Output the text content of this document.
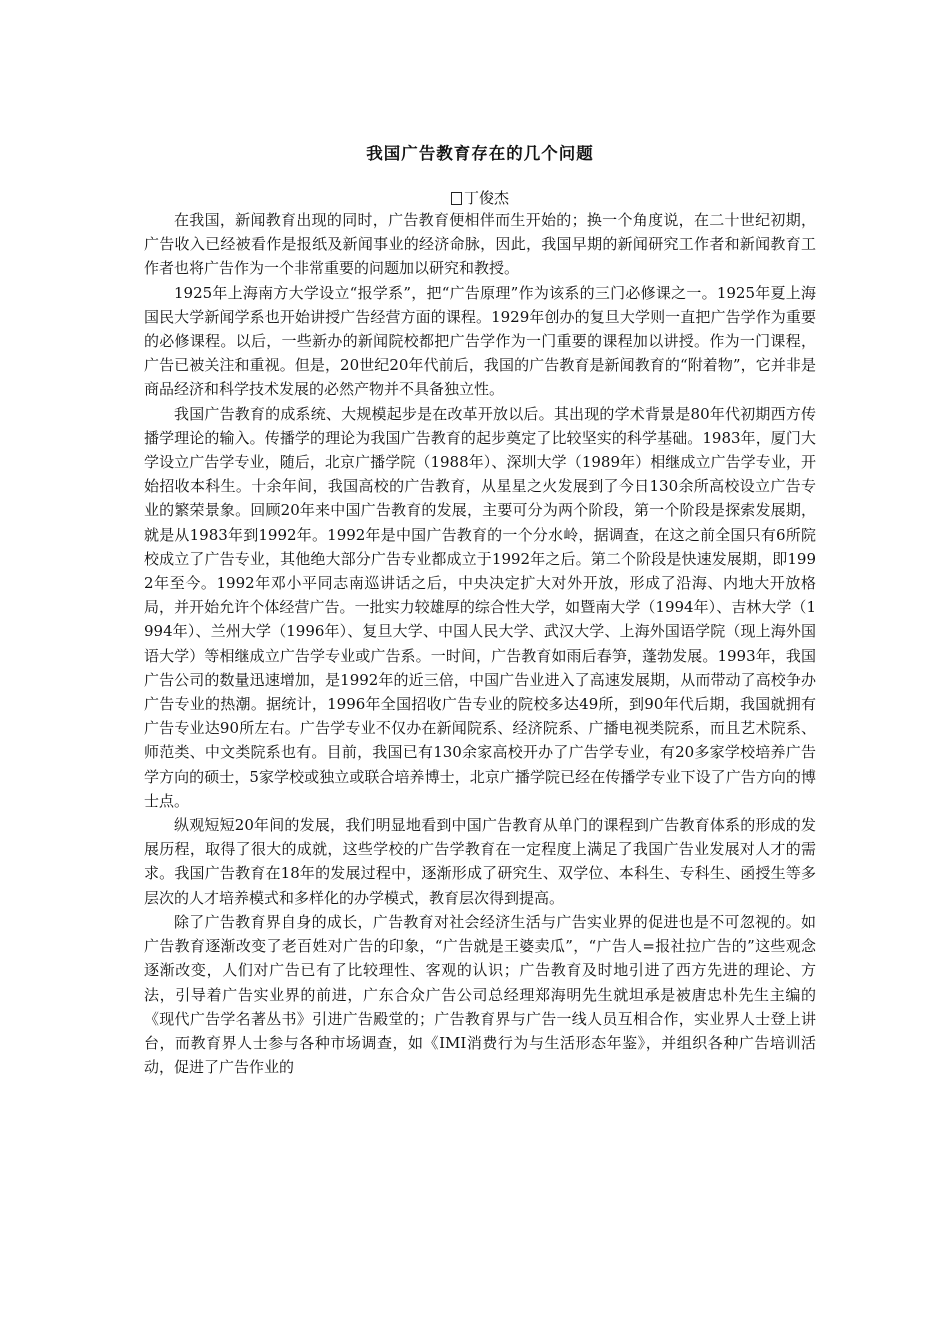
我国广告教育存在的几个问题
丁俊杰

在我国，新闻教育出现的同时，广告教育便相伴而生开始的；换一个角度说，在二十世纪初期，广告收入已经被看作是报纸及新闻事业的经济命脉，因此，我国早期的新闻研究工作者和新闻教育工作者也将广告作为一个非常重要的问题加以研究和教授。

1925年上海南方大学设立“报学系”，把“广告原理”作为该系的三门必修课之一。1925年夏上海国民大学新闻学系也开始讲授广告经营方面的课程。1929年创办的复旦大学则一直把广告学作为重要的必修课程。以后，一些新办的新闻院校都把广告学作为一门重要的课程加以讲授。作为一门课程，广告已被关注和重视。但是，20世纪20年代前后，我国的广告教育是新闻教育的“附着物”，它并非是商品经济和科学技术发展的必然产物并不具备独立性。

我国广告教育的成系统、大规模起步是在改革开放以后。其出现的学术背景是80年代初期西方传播学理论的输入。传播学的理论为我国广告教育的起步奠定了比较坚实的科学基础。1983年，厦门大学设立广告学专业，随后，北京广播学院（1988年）、深圳大学（1989年）相继成立广告学专业，开始招收本科生。十余年间，我国高校的广告教育，从星星之火发展到了今日130余所高校设立广告专业的繁荣景象。回顾20年来中国广告教育的发展，主要可分为两个阶段，第一个阶段是探索发展期，就是从1983年到1992年。1992年是中国广告教育的一个分水岭，据调查，在这之前全国只有6所院校成立了广告专业，其他绝大部分广告专业都成立于1992年之后。第二个阶段是快速发展期，即1992年至今。1992年邓小平同志南巡讲话之后，中央决定扩大对外开放，形成了沿海、内地大开放格局，并开始允许个体经营广告。一批实力较雄厚的综合性大学，如暨南大学（1994年）、吉林大学（1994年）、兰州大学（1996年）、复旦大学、中国人民大学、武汉大学、上海外国语学院（现上海外国语大学）等相继成立广告学专业或广告系。一时间，广告教育如雨后春笋，蓬勃发展。1993年，我国广告公司的数量迅速增加，是1992年的近三倍，中国广告业进入了高速发展期，从而带动了高校争办广告专业的热潮。据统计，1996年全国招收广告专业的院校多达49所，到90年代后期，我国就拥有广告专业达90所左右。广告学专业不仅办在新闻院系、经济院系、广播电视类院系，而且艺术院系、师范类、中文类院系也有。目前，我国已有130余家高校开办了广告学专业，有20多家学校培养广告学方向的硕士，5家学校或独立或联合培养博士，北京广播学院已经在传播学专业下设了广告方向的博士点。

纵观短短20年间的发展，我们明显地看到中国广告教育从单门的课程到广告教育体系的形成的发展历程，取得了很大的成就，这些学校的广告学教育在一定程度上满足了我国广告业发展对人才的需求。我国广告教育在18年的发展过程中，逐渐形成了研究生、双学位、本科生、专科生、函授生等多层次的人才培养模式和多样化的办学模式，教育层次得到提高。

除了广告教育界自身的成长，广告教育对社会经济生活与广告实业界的促进也是不可忽视的。如广告教育逐渐改变了老百姓对广告的印象，“广告就是王婆卖瓜”，“广告人=报社拉广告的”这些观念逐渐改变，人们对广告已有了比较理性、客观的认识；广告教育及时地引进了西方先进的理论、方法，引导着广告实业界的前进，广东合众广告公司总经理郑海明先生就坦承是被唐忠朴先生主编的《现代广告学名著丛书》引进广告殿堂的；广告教育界与广告一线人员互相合作，实业界人士登上讲台，而教育界人士参与各种市场调查，如《IMI消费行为与生活形态年鉴》，并组织各种广告培训活动，促进了广告作业的
